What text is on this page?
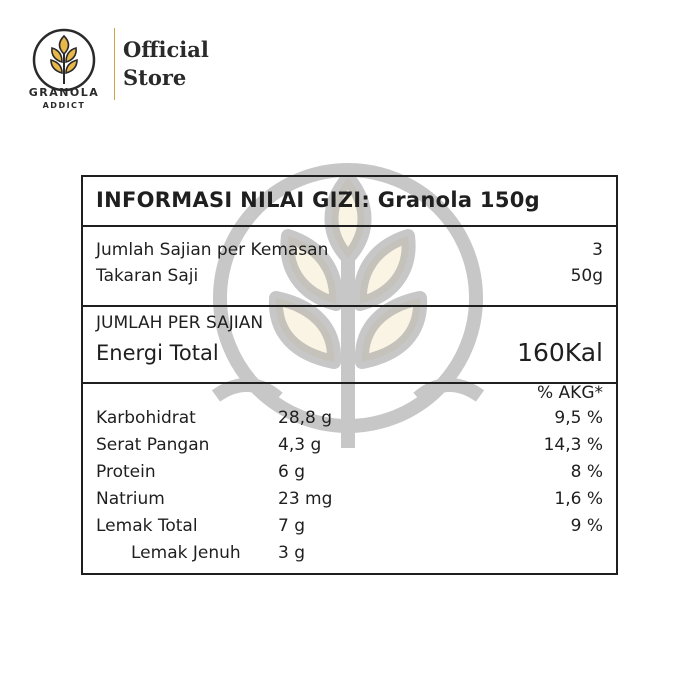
GRANOLA
ADDICT
Official
Store
INFORMASI NILAI GIZI: Granola 150g
Jumlah Sajian per Kemasan	3
Takaran Saji	50g
JUMLAH PER SAJIAN
Energi Total	160Kal
% AKG*
Karbohidrat	28,8 g	9,5 %
Serat Pangan	4,3 g	14,3 %
Protein	6 g	8 %
Natrium	23 mg	1,6 %
Lemak Total	7 g	9 %
Lemak Jenuh 3 g
